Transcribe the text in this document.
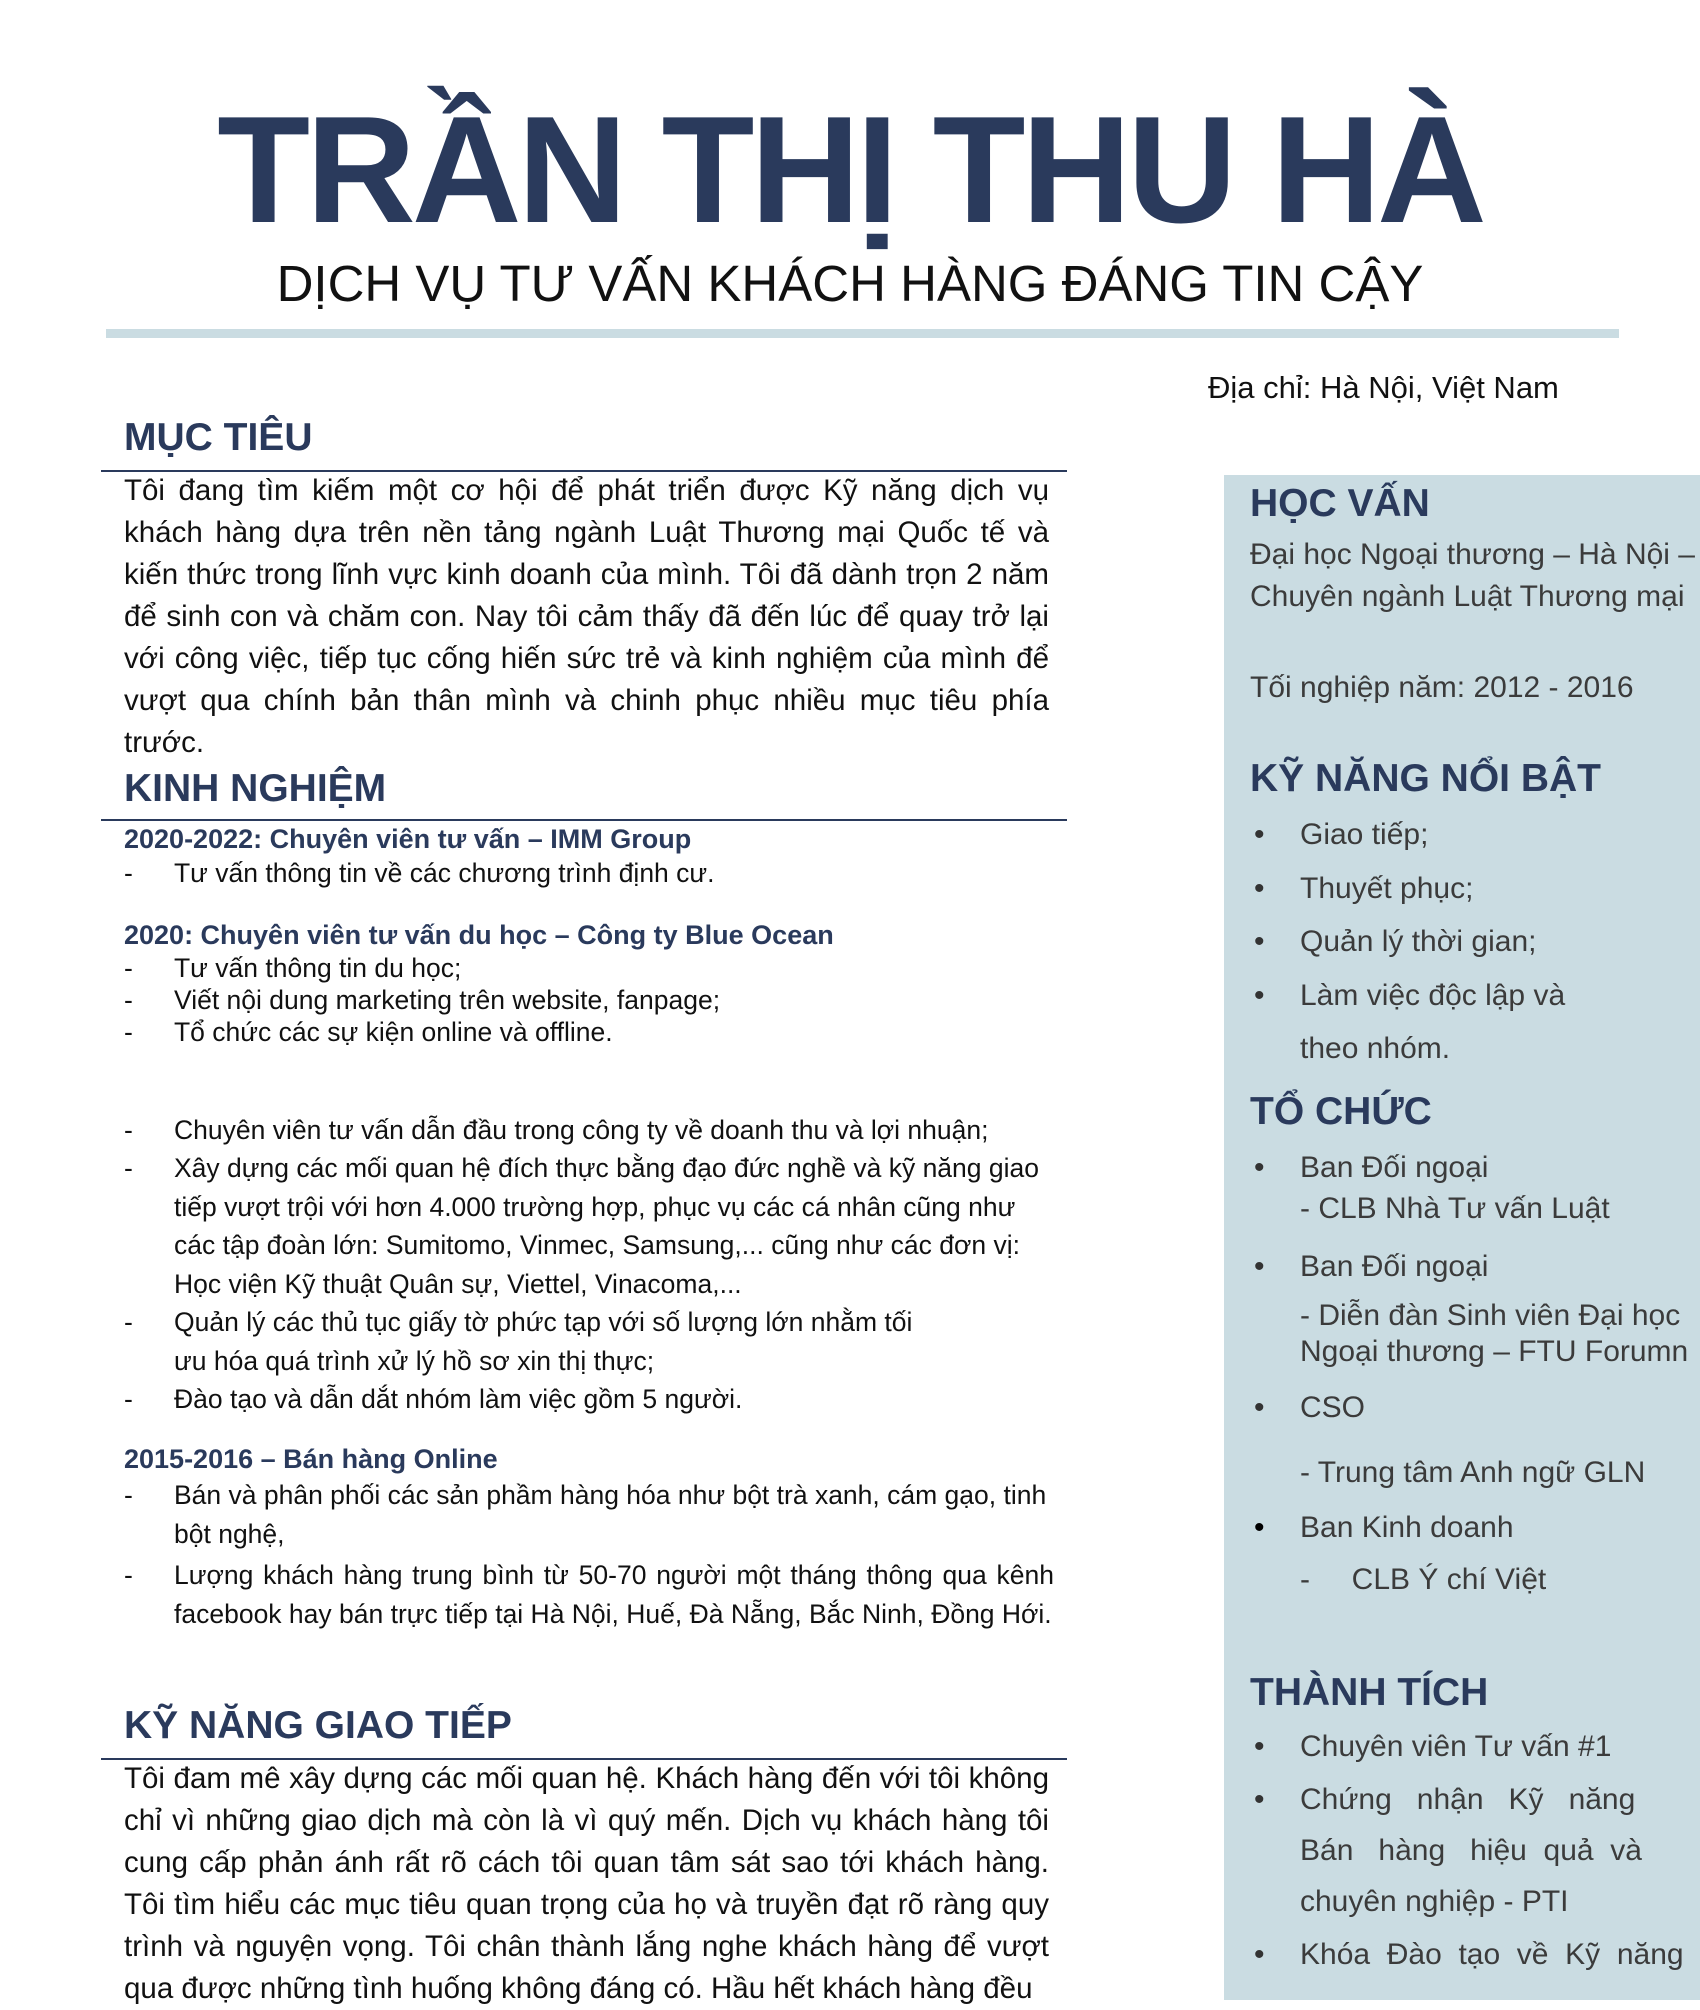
TRẦN THỊ THU HÀ
DỊCH VỤ TƯ VẤN KHÁCH HÀNG ĐÁNG TIN CẬY
Địa chỉ: Hà Nội, Việt Nam
MỤC TIÊU
Tôi đang tìm kiếm một cơ hội để phát triển được Kỹ năng dịch vụ khách hàng dựa trên nền tảng ngành Luật Thương mại Quốc tế và kiến thức trong lĩnh vực kinh doanh của mình. Tôi đã dành trọn 2 năm để sinh con và chăm con. Nay tôi cảm thấy đã đến lúc để quay trở lại với công việc, tiếp tục cống hiến sức trẻ và kinh nghiệm của mình để vượt qua chính bản thân mình và chinh phục nhiều mục tiêu phía trước.
KINH NGHIỆM
2020-2022: Chuyên viên tư vấn – IMM Group
- Tư vấn thông tin về các chương trình định cư.
2020: Chuyên viên tư vấn du học – Công ty Blue Ocean
- Tư vấn thông tin du học;
- Viết nội dung marketing trên website, fanpage;
- Tổ chức các sự kiện online và offline.
- Chuyên viên tư vấn dẫn đầu trong công ty về doanh thu và lợi nhuận;
- Xây dựng các mối quan hệ đích thực bằng đạo đức nghề và kỹ năng giao tiếp vượt trội với hơn 4.000 trường hợp, phục vụ các cá nhân cũng như các tập đoàn lớn: Sumitomo, Vinmec, Samsung,... cũng như các đơn vị: Học viện Kỹ thuật Quân sự, Viettel, Vinacoma,...
- Quản lý các thủ tục giấy tờ phức tạp với số lượng lớn nhằm tối ưu hóa quá trình xử lý hồ sơ xin thị thực;
- Đào tạo và dẫn dắt nhóm làm việc gồm 5 người.
2015-2016 – Bán hàng Online
- Bán và phân phối các sản phầm hàng hóa như bột trà xanh, cám gạo, tinh bột nghệ,
- Lượng khách hàng trung bình từ 50-70 người một tháng thông qua kênh facebook hay bán trực tiếp tại Hà Nội, Huế, Đà Nẵng, Bắc Ninh, Đồng Hới.
KỸ NĂNG GIAO TIẾP
Tôi đam mê xây dựng các mối quan hệ. Khách hàng đến với tôi không chỉ vì những giao dịch mà còn là vì quý mến. Dịch vụ khách hàng tôi cung cấp phản ánh rất rõ cách tôi quan tâm sát sao tới khách hàng. Tôi tìm hiểu các mục tiêu quan trọng của họ và truyền đạt rõ ràng quy trình và nguyện vọng. Tôi chân thành lắng nghe khách hàng để vượt qua được những tình huống không đáng có. Hầu hết khách hàng đều
HỌC VẤN
Đại học Ngoại thương – Hà Nội –
Chuyên ngành Luật Thương mại
Tối nghiệp năm: 2012 - 2016
KỸ NĂNG NỔI BẬT
• Giao tiếp;
• Thuyết phục;
• Quản lý thời gian;
• Làm việc độc lập và
theo nhóm.
TỔ CHỨC
• Ban Đối ngoại
- CLB Nhà Tư vấn Luật
• Ban Đối ngoại
- Diễn đàn Sinh viên Đại học
Ngoại thương – FTU Forumn
• CSO
- Trung tâm Anh ngữ GLN
• Ban Kinh doanh
-     CLB Ý chí Việt
THÀNH TÍCH
• Chuyên viên Tư vấn #1
• Chứng   nhận   Kỹ   năng
Bán   hàng   hiệu  quả  và
chuyên nghiệp - PTI
• Khóa  Đào  tạo  về  Kỹ  năng
